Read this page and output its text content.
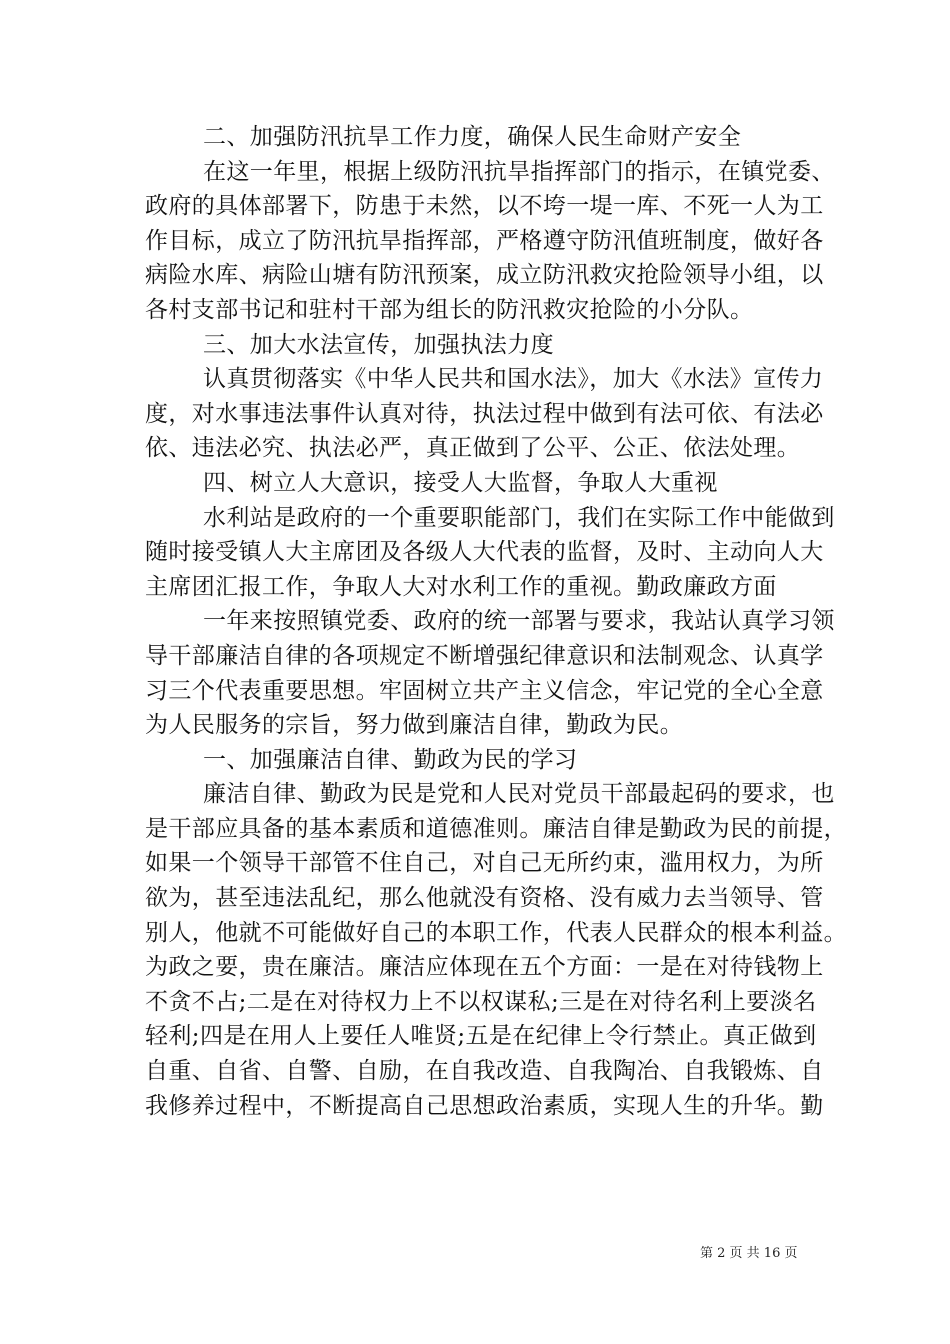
二、加强防汛抗旱工作力度，确保人民生命财产安全
在这一年里，根据上级防汛抗旱指挥部门的指示，在镇党委、
政府的具体部署下，防患于未然，以不垮一堤一库、不死一人为工
作目标，成立了防汛抗旱指挥部，严格遵守防汛值班制度，做好各
病险水库、病险山塘有防汛预案，成立防汛救灾抢险领导小组，以
各村支部书记和驻村干部为组长的防汛救灾抢险的小分队。
三、加大水法宣传，加强执法力度
认真贯彻落实《中华人民共和国水法》，加大《水法》宣传力
度，对水事违法事件认真对待，执法过程中做到有法可依、有法必
依、违法必究、执法必严，真正做到了公平、公正、依法处理。
四、树立人大意识，接受人大监督，争取人大重视
水利站是政府的一个重要职能部门，我们在实际工作中能做到
随时接受镇人大主席团及各级人大代表的监督，及时、主动向人大
主席团汇报工作，争取人大对水利工作的重视。勤政廉政方面
一年来按照镇党委、政府的统一部署与要求，我站认真学习领
导干部廉洁自律的各项规定不断增强纪律意识和法制观念、认真学
习三个代表重要思想。牢固树立共产主义信念，牢记党的全心全意
为人民服务的宗旨，努力做到廉洁自律，勤政为民。
一、加强廉洁自律、勤政为民的学习
廉洁自律、勤政为民是党和人民对党员干部最起码的要求，也
是干部应具备的基本素质和道德准则。廉洁自律是勤政为民的前提，
如果一个领导干部管不住自己，对自己无所约束，滥用权力，为所
欲为，甚至违法乱纪，那么他就没有资格、没有威力去当领导、管
别人，他就不可能做好自己的本职工作，代表人民群众的根本利益。
为政之要，贵在廉洁。廉洁应体现在五个方面：一是在对待钱物上
不贪不占;二是在对待权力上不以权谋私;三是在对待名利上要淡名
轻利;四是在用人上要任人唯贤;五是在纪律上令行禁止。真正做到
自重、自省、自警、自励，在自我改造、自我陶冶、自我锻炼、自
我修养过程中，不断提高自己思想政治素质，实现人生的升华。勤
第 2 页 共 16 页
